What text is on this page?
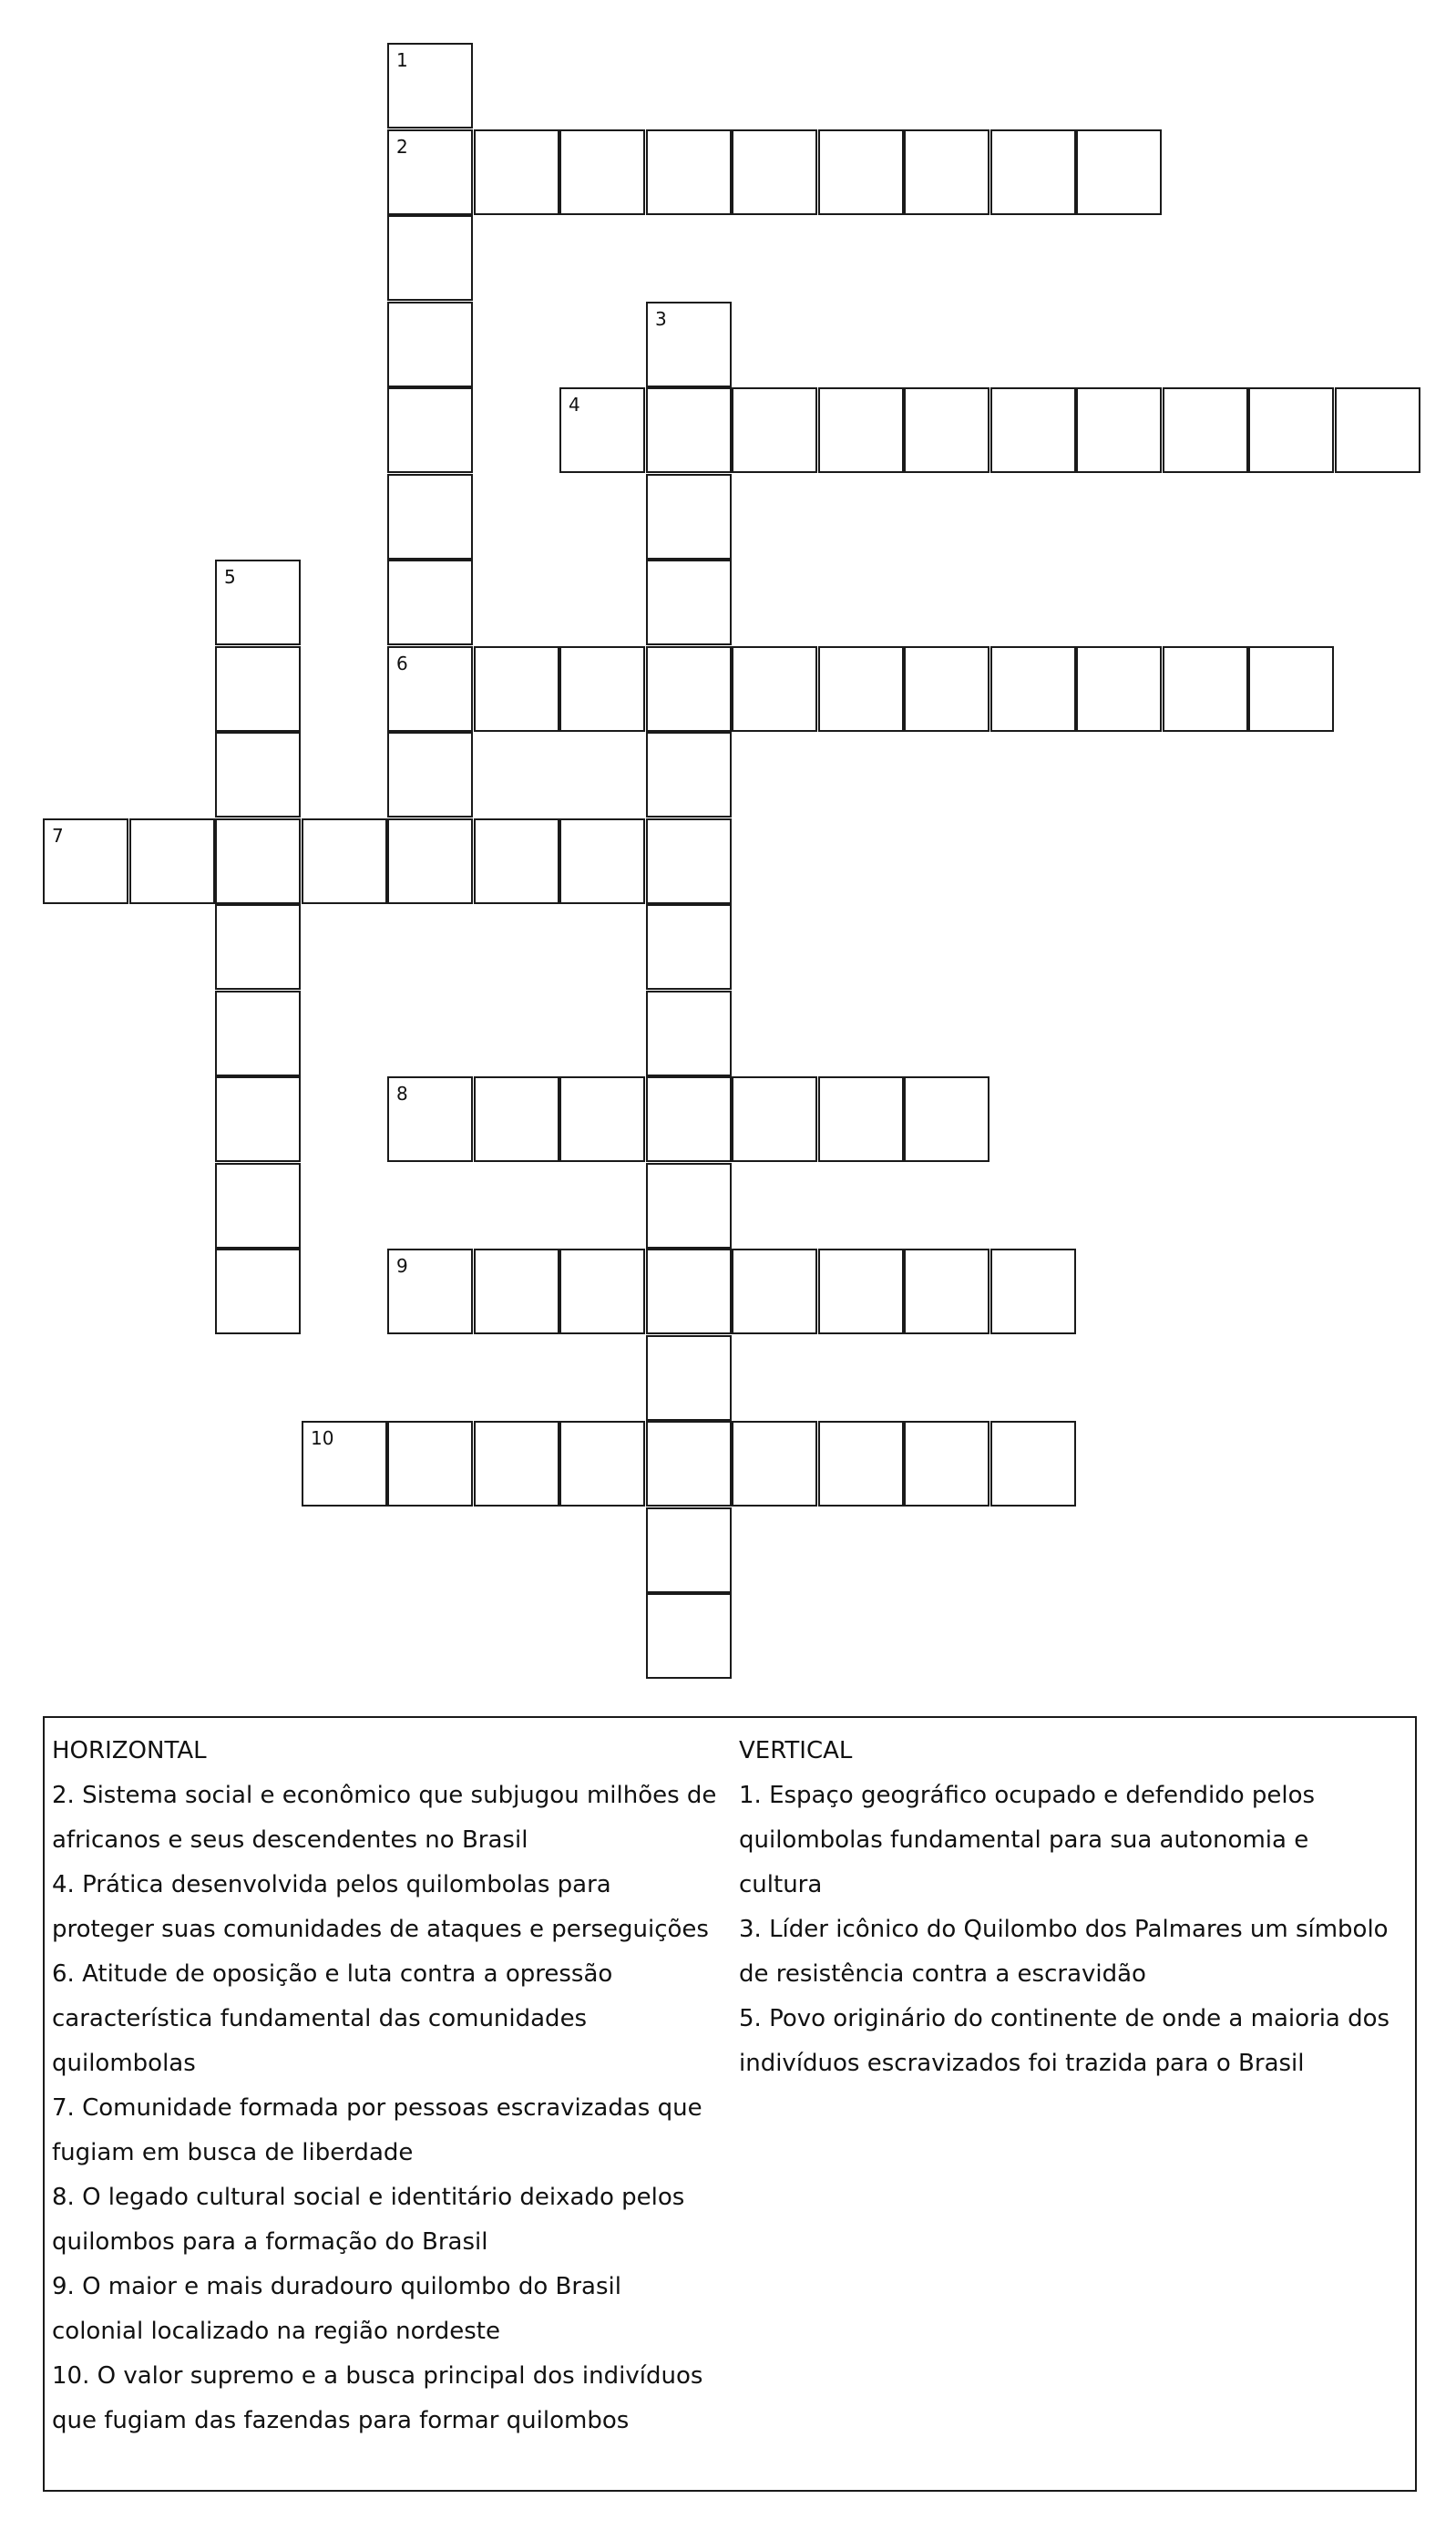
1
2
6
3
4
5
7
8
9
10

HORIZONTAL

2. Sistema social e econômico que subjugou milhões de

africanos e seus descendentes no Brasil

4. Prática desenvolvida pelos quilombolas para

proteger suas comunidades de ataques e perseguições

6. Atitude de oposição e luta contra a opressão

característica fundamental das comunidades

quilombolas

7. Comunidade formada por pessoas escravizadas que

fugiam em busca de liberdade

8. O legado cultural social e identitário deixado pelos

quilombos para a formação do Brasil

9. O maior e mais duradouro quilombo do Brasil

colonial localizado na região nordeste

10. O valor supremo e a busca principal dos indivíduos

que fugiam das fazendas para formar quilombos

VERTICAL

1. Espaço geográfico ocupado e defendido pelos

quilombolas fundamental para sua autonomia e

cultura

3. Líder icônico do Quilombo dos Palmares um símbolo

de resistência contra a escravidão

5. Povo originário do continente de onde a maioria dos

indivíduos escravizados foi trazida para o Brasil
